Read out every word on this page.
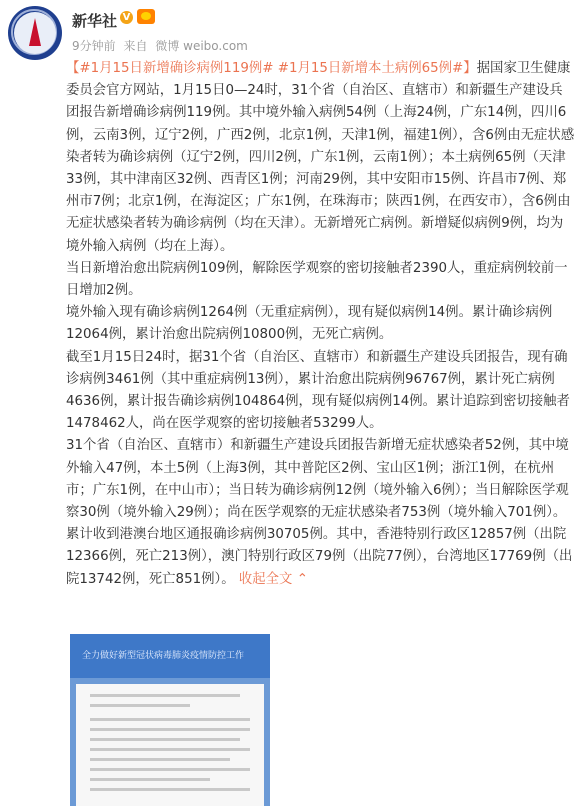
新华社 V
9分钟前 来自 微博 weibo.com

【#1月15日新增确诊病例119例# #1月15日新增本土病例65例#】据国家卫生健康委员会官方网站，1月15日0—24时，31个省（自治区、直辖市）和新疆生产建设兵团报告新增确诊病例119例。其中境外输入病例54例（上海24例，广东14例，四川6例，云南3例，辽宁2例，广西2例，北京1例，天津1例，福建1例），含6例由无症状感染者转为确诊病例（辽宁2例，四川2例，广东1例，云南1例）；本土病例65例（天津33例，其中津南区32例、西青区1例；河南29例，其中安阳市15例、许昌市7例、郑州市7例；北京1例，在海淀区；广东1例，在珠海市；陕西1例，在西安市），含6例由无症状感染者转为确诊病例（均在天津）。无新增死亡病例。新增疑似病例9例，均为境外输入病例（均在上海）。

当日新增治愈出院病例109例，解除医学观察的密切接触者2390人，重症病例较前一日增加2例。

境外输入现有确诊病例1264例（无重症病例），现有疑似病例14例。累计确诊病例12064例，累计治愈出院病例10800例，无死亡病例。

截至1月15日24时，据31个省（自治区、直辖市）和新疆生产建设兵团报告，现有确诊病例3461例（其中重症病例13例），累计治愈出院病例96767例，累计死亡病例4636例，累计报告确诊病例104864例，现有疑似病例14例。累计追踪到密切接触者1478462人，尚在医学观察的密切接触者53299人。

31个省（自治区、直辖市）和新疆生产建设兵团报告新增无症状感染者52例，其中境外输入47例，本土5例（上海3例，其中普陀区2例、宝山区1例；浙江1例，在杭州市；广东1例，在中山市）；当日转为确诊病例12例（境外输入6例）；当日解除医学观察30例（境外输入29例）；尚在医学观察的无症状感染者753例（境外输入701例）。

累计收到港澳台地区通报确诊病例30705例。其中，香港特别行政区12857例（出院12366例，死亡213例），澳门特别行政区79例（出院77例），台湾地区17769例（出院13742例，死亡851例）。 收起全文 ⌃

全力做好新型冠状病毒肺炎疫情防控工作
